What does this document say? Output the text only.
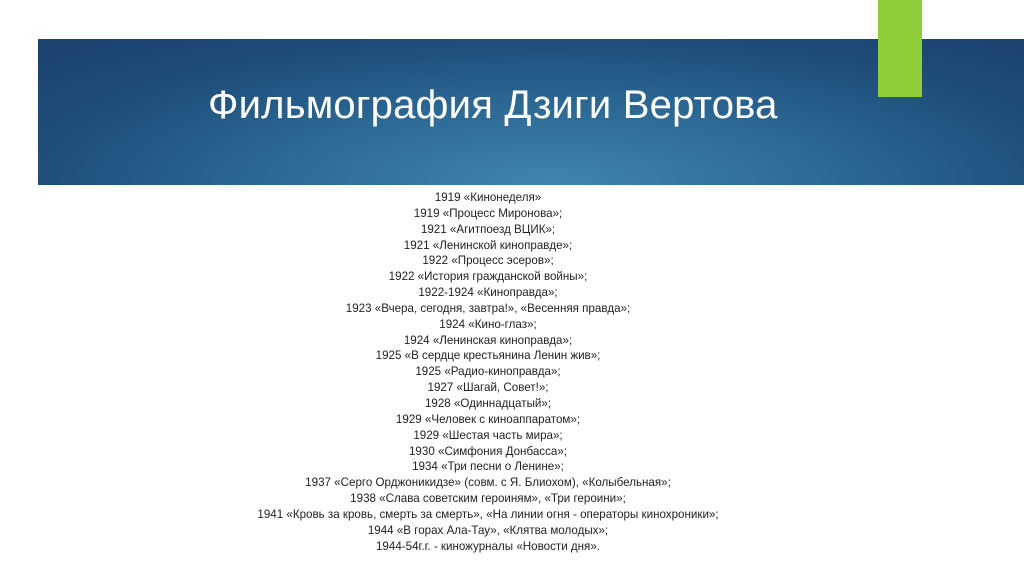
Фильмография Дзиги Вертова
1919 «Кинонеделя»
1919 «Процесс Миронова»;
1921 «Агитпоезд ВЦИК»;
1921 «Ленинской киноправде»;
1922 «Процесс эсеров»;
1922 «История гражданской войны»;
1922-1924 «Киноправда»;
1923 «Вчера, сегодня, завтра!», «Весенняя правда»;
1924 «Кино-глаз»;
1924 «Ленинская киноправда»;
1925 «В сердце крестьянина Ленин жив»;
1925 «Радио-киноправда»;
1927 «Шагай, Совет!»;
1928 «Одиннадцатый»;
1929 «Человек с киноаппаратом»;
1929 «Шестая часть мира»;
1930 «Симфония Донбасса»;
1934 «Три песни о Ленине»;
1937 «Серго Орджоникидзе» (совм. с Я. Блиохом), «Колыбельная»;
1938 «Слава советским героиням», «Три героини»;
1941 «Кровь за кровь, смерть за смерть», «На линии огня - операторы кинохроники»;
1944 «В горах Ала-Тау», «Клятва молодых»;
1944-54г.г. - киножурналы «Новости дня».
